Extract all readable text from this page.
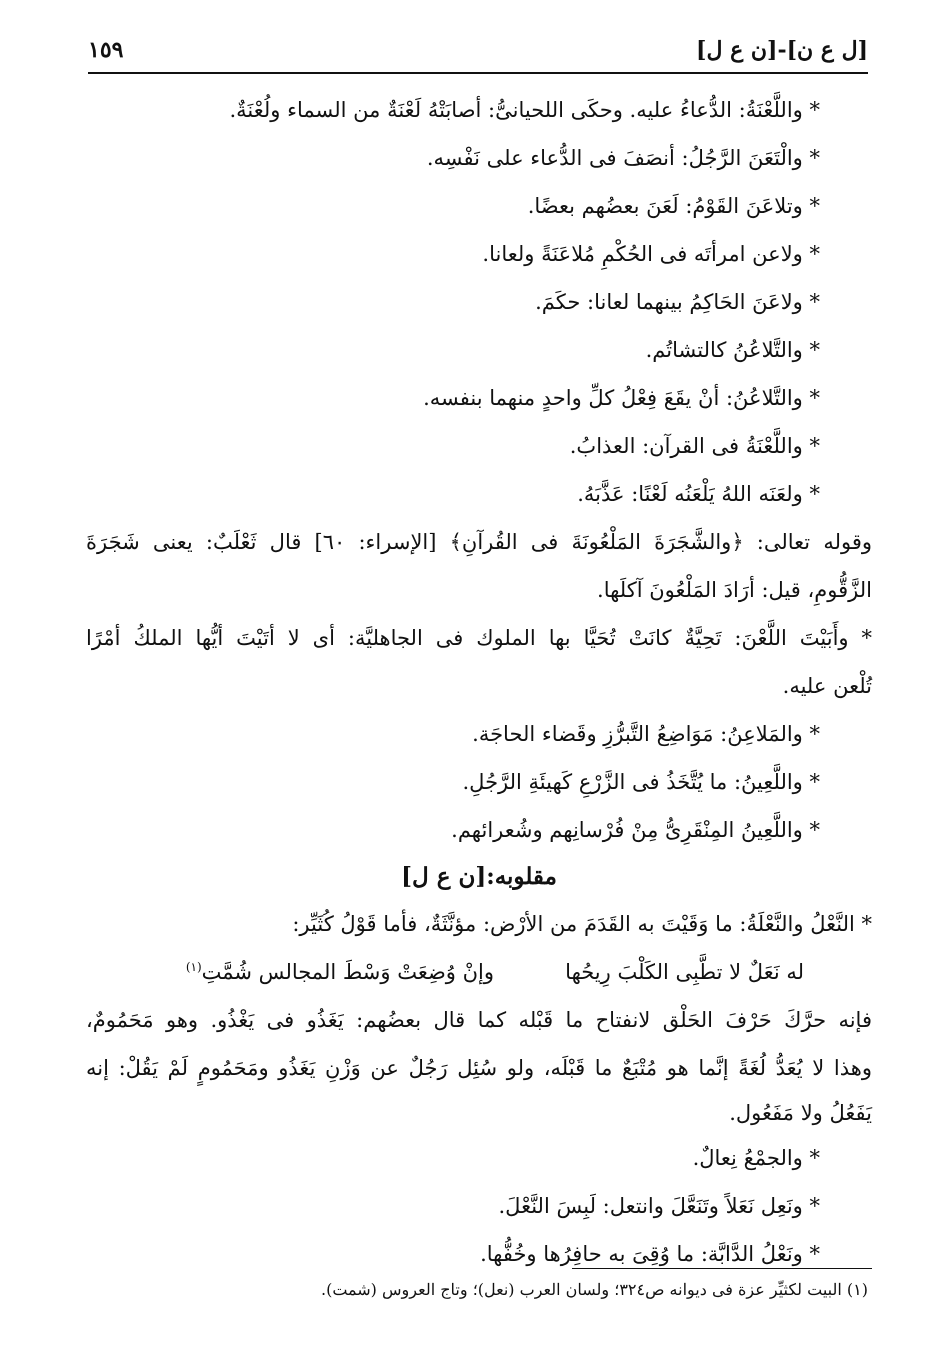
[ل ع ن]-[ن ع ل]
١٥٩
* واللَّعْنَةُ: الدُّعاءُ عليه. وحكَى اللحيانىُّ: أصابَتْهُ لَعْنَةٌ من السماء ولُعْنَةٌ.
* والْتَعَنَ الرَّجُلُ: أنصَفَ فى الدُّعاء على نَفْسِه.
* وتلاعَنَ القَوْمُ: لَعَنَ بعضُهم بعضًا.
* ولاعن امرأتَه فى الحُكْمِ مُلاعَنَةً ولعانا.
* ولاعَنَ الحَاكِمُ بينهما لعانا: حكَمَ.
* والتَّلاعُنُ كالتشاتُم.
* والتَّلاعُنُ: أنْ يقَعَ فِعْلُ كلِّ واحدٍ منهما بنفسه.
* واللَّعْنَةُ فى القرآن: العذابُ.
* ولعَنَه اللهُ يَلْعَنُه لَعْنًا: عَذَّبَهُ.
وقوله تعالى: ﴿والشَّجَرَةَ المَلْعُونَةَ فى القُرآنِ﴾ [الإسراء: ٦٠] قال ثَعْلَبٌ: يعنى شَجَرَةَ
الزَّقُّومِ، قيل: أرَادَ المَلْعُونَ آكلَها.
* وأَبَيْتَ اللَّعْنَ: تَحِيَّةٌ كانَتْ تُحَيَّا بها الملوك فى الجاهليَّة: أى لا أتَيْتَ أيُّها الملكُ أمْرًا
تُلْعن عليه.
* والمَلاعِنُ: مَوَاضِعُ التَّبرُّزِ وقَضاء الحاجَة.
* واللَّعِينُ: ما يُتَّخَذُ فى الزَّرْعِ كَهيئَةِ الرَّجُلِ.
* واللَّعِينُ المِنْقَرِىُّ مِنْ فُرْسانِهم وشُعرائهم.
مقلوبه:[ن ع ل]
* النَّعْلُ والنَّعْلَةُ: ما وَقَيْتَ به القَدَمَ من الأرْض: مؤنَّثَةٌ، فأما قَوْلُ كُثَيِّر:
له نَعَلٌ لا تطَّبِى الكَلْبَ رِيحُها
وإنْ وُضِعَتْ وَسْطَ المجالس شُمَّتِ$^{(١)}$
فإنه حرَّكَ حَرْفَ الحَلْق لانفتاح ما قَبْله كما قال بعضُهم: يَغَذُو فى يَغْذُو. وهو مَحَمُومٌ،
وهذا لا يُعَدُّ لُغَةً إنَّما هو مُتْبَعٌ ما قَبْلَه، ولو سُئِل رَجُلٌ عن وَزْنِ يَغَذُو ومَحَمُومٍ لَمْ يَقُلْ: إنه
يَفَعُلُ ولا مَفَعُول.
* والجمْعُ نِعالٌ.
* ونَعِل نَعَلاً وتَنَعَّلَ وانتعل: لَبِسَ النَّعْلَ.
* ونَعْلُ الدَّابَّة: ما وُقِىَ به حافِرُها وخُفُّها.
(١) البيت لكثيِّر عزة فى ديوانه ص٣٢٤؛ ولسان العرب (نعل)؛ وتاج العروس (شمت).
